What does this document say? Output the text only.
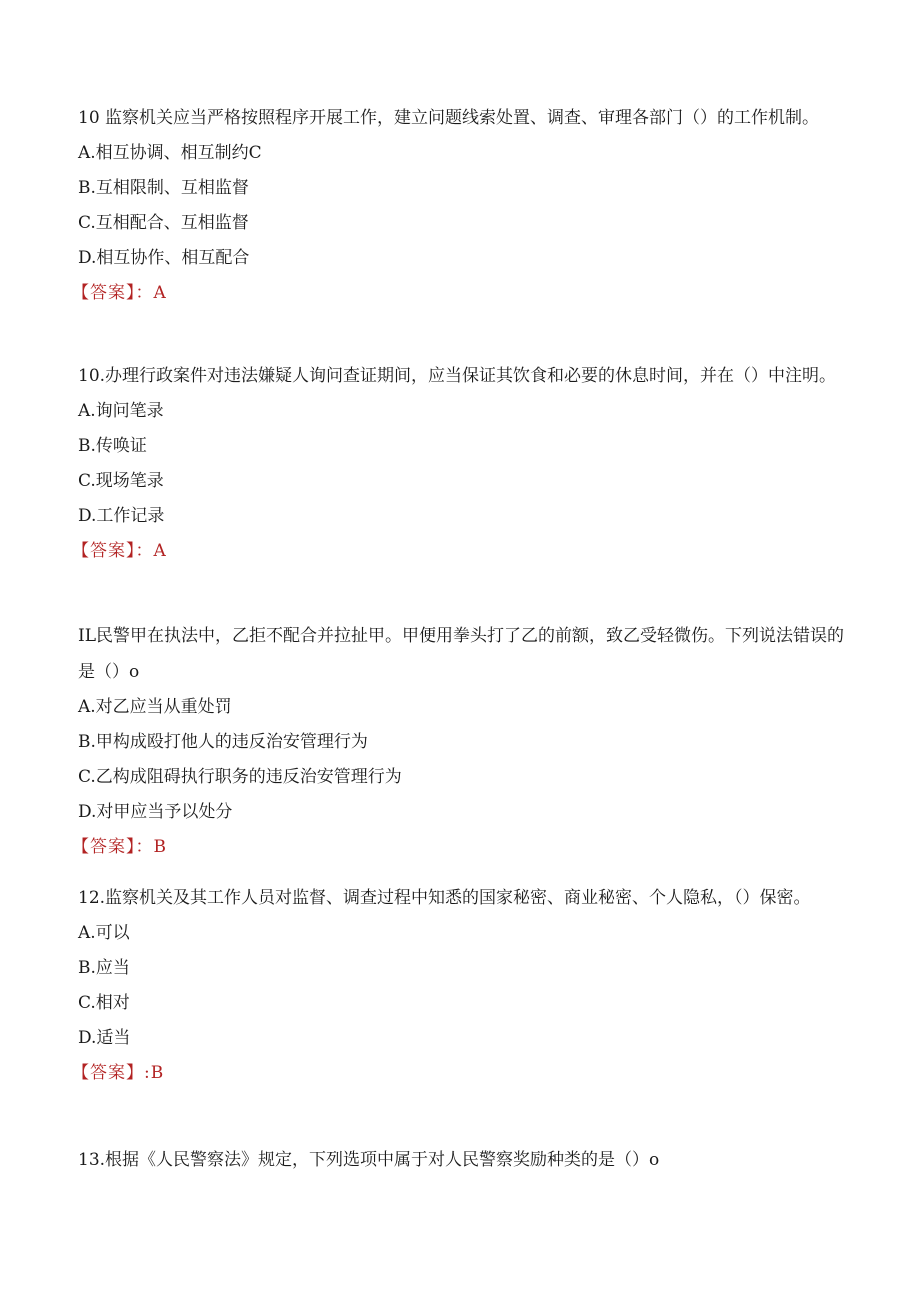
10 监察机关应当严格按照程序开展工作，建立问题线索处置、调查、审理各部门（）的工作机制。

A.相互协调、相互制约C
B.互相限制、互相监督
C.互相配合、互相监督
D.相互协作、相互配合
【答案】：A

10.办理行政案件对违法嫌疑人询问查证期间，应当保证其饮食和必要的休息时间，并在（）中注明。

A.询问笔录
B.传唤证
C.现场笔录
D.工作记录
【答案】：A

IL民警甲在执法中，乙拒不配合并拉扯甲。甲便用拳头打了乙的前额，致乙受轻微伤。下列说法错误的是（）o

A.对乙应当从重处罚
B.甲构成殴打他人的违反治安管理行为
C.乙构成阻碍执行职务的违反治安管理行为
D.对甲应当予以处分
【答案】：B

12.监察机关及其工作人员对监督、调查过程中知悉的国家秘密、商业秘密、个人隐私，（）保密。

A.可以
B.应当
C.相对
D.适当
【答案】:B

13.根据《人民警察法》规定，下列选项中属于对人民警察奖励种类的是（）o
